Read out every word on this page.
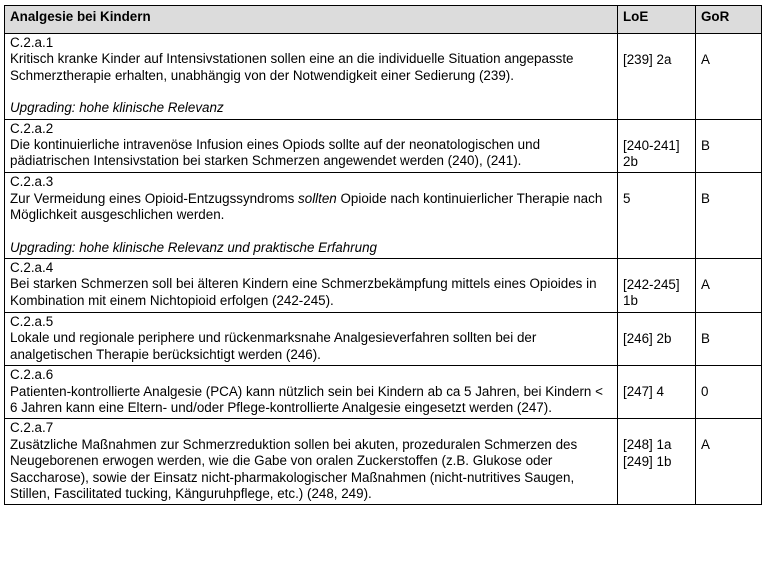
Analgesie bei Kindern	LoE	GoR

C.2.a.1
Kritisch kranke Kinder auf Intensivstationen sollen eine an die individuelle Situation angepasste Schmerztherapie erhalten, unabhängig von der Notwendigkeit einer Sedierung (239).
Upgrading: hohe klinische Relevanz	[239] 2a	A

C.2.a.2
Die kontinuierliche intravenöse Infusion eines Opiods sollte auf der neonatologischen und pädiatrischen Intensivstation bei starken Schmerzen angewendet werden (240), (241).	[240-241]
2b	B

C.2.a.3
Zur Vermeidung eines Opioid-Entzugssyndroms sollten Opioide nach kontinuierlicher Therapie nach Möglichkeit ausgeschlichen werden.
Upgrading: hohe klinische Relevanz und praktische Erfahrung	5	B

C.2.a.4
Bei starken Schmerzen soll bei älteren Kindern eine Schmerzbekämpfung mittels eines Opioides in Kombination mit einem Nichtopioid erfolgen (242-245).	[242-245]
1b	A

C.2.a.5
Lokale und regionale periphere und rückenmarksnahe Analgesieverfahren sollten bei der analgetischen Therapie berücksichtigt werden (246).	[246] 2b	B

C.2.a.6
Patienten-kontrollierte Analgesie (PCA) kann nützlich sein bei Kindern ab ca 5 Jahren, bei Kindern < 6 Jahren kann eine Eltern- und/oder Pflege-kontrollierte Analgesie eingesetzt werden (247).	[247] 4	0

C.2.a.7
Zusätzliche Maßnahmen zur Schmerzreduktion sollen bei akuten, prozeduralen Schmerzen des Neugeborenen erwogen werden, wie die Gabe von oralen Zuckerstoffen (z.B. Glukose oder Saccharose), sowie der Einsatz nicht-pharmakologischer Maßnahmen (nicht-nutritives Saugen, Stillen, Fascilitated tucking, Känguruhpflege, etc.) (248, 249).	[248] 1a
[249] 1b	A
